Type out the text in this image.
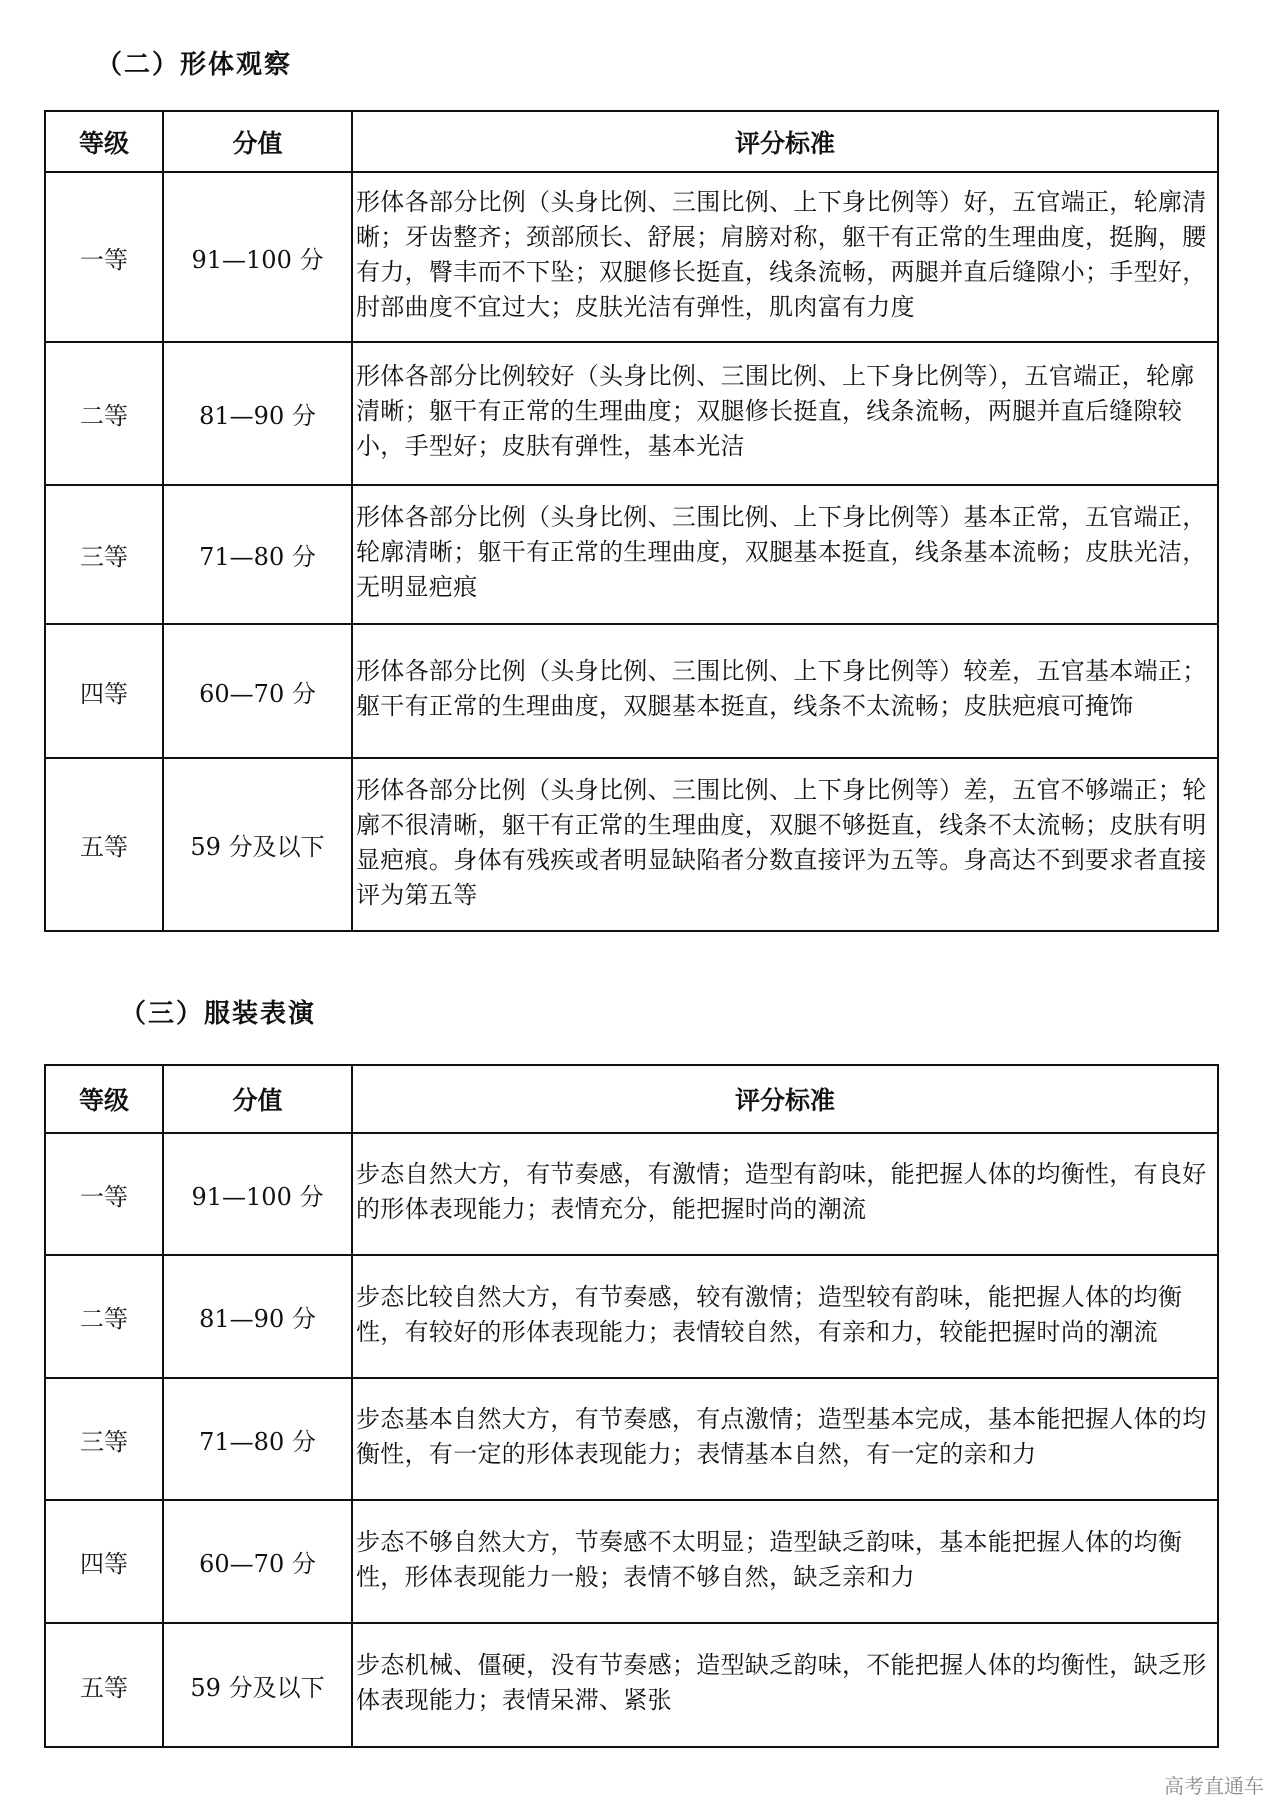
（二）形体观察
等级	分值	评分标准
一等	91—100 分	形体各部分比例（头身比例、三围比例、上下身比例等）好，五官端正，轮廓清晰；牙齿整齐；颈部颀长、舒展；肩膀对称，躯干有正常的生理曲度，挺胸，腰有力，臀丰而不下坠；双腿修长挺直，线条流畅，两腿并直后缝隙小；手型好，肘部曲度不宜过大；皮肤光洁有弹性，肌肉富有力度
二等	81—90 分	形体各部分比例较好（头身比例、三围比例、上下身比例等），五官端正，轮廓清晰；躯干有正常的生理曲度；双腿修长挺直，线条流畅，两腿并直后缝隙较小，手型好；皮肤有弹性，基本光洁
三等	71—80 分	形体各部分比例（头身比例、三围比例、上下身比例等）基本正常，五官端正，轮廓清晰；躯干有正常的生理曲度，双腿基本挺直，线条基本流畅；皮肤光洁，无明显疤痕
四等	60—70 分	形体各部分比例（头身比例、三围比例、上下身比例等）较差，五官基本端正；躯干有正常的生理曲度，双腿基本挺直，线条不太流畅；皮肤疤痕可掩饰
五等	59 分及以下	形体各部分比例（头身比例、三围比例、上下身比例等）差，五官不够端正；轮廓不很清晰，躯干有正常的生理曲度，双腿不够挺直，线条不太流畅；皮肤有明显疤痕。身体有残疾或者明显缺陷者分数直接评为五等。身高达不到要求者直接评为第五等
（三）服装表演
等级	分值	评分标准
一等	91—100 分	步态自然大方，有节奏感，有激情；造型有韵味，能把握人体的均衡性，有良好的形体表现能力；表情充分，能把握时尚的潮流
二等	81—90 分	步态比较自然大方，有节奏感，较有激情；造型较有韵味，能把握人体的均衡性，有较好的形体表现能力；表情较自然，有亲和力，较能把握时尚的潮流
三等	71—80 分	步态基本自然大方，有节奏感，有点激情；造型基本完成，基本能把握人体的均衡性，有一定的形体表现能力；表情基本自然，有一定的亲和力
四等	60—70 分	步态不够自然大方，节奏感不太明显；造型缺乏韵味，基本能把握人体的均衡性，形体表现能力一般；表情不够自然，缺乏亲和力
五等	59 分及以下	步态机械、僵硬，没有节奏感；造型缺乏韵味，不能把握人体的均衡性，缺乏形体表现能力；表情呆滞、紧张
高考直通车
